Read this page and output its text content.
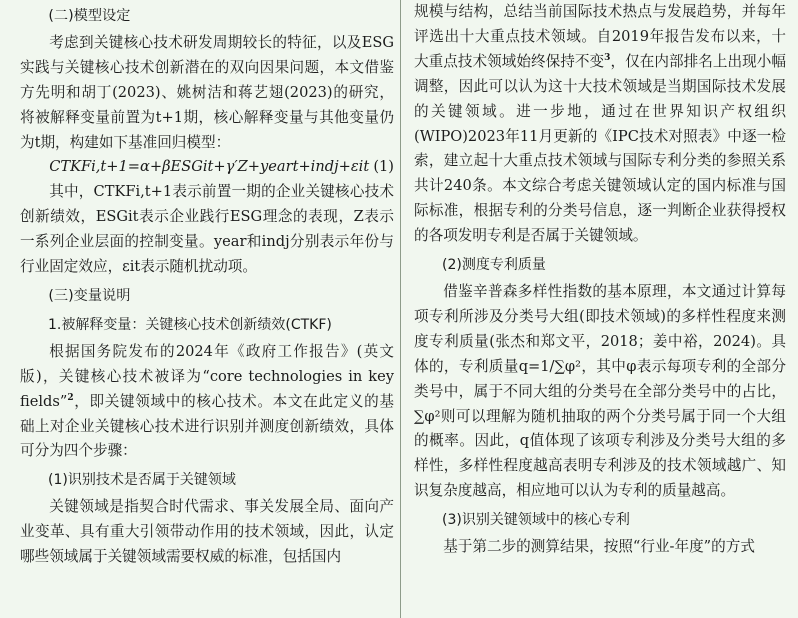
(二)模型设定

考虑到关键核心技术研发周期较长的特征，以及ESG实践与关键核心技术创新潜在的双向因果问题，本文借鉴方先明和胡丁(2023)、姚树洁和蒋艺翅(2023)的研究，将被解释变量前置为t+1期，核心解释变量与其他变量仍为t期，构建如下基准回归模型：

CTKFi,t+1=α+βESGit+γ′Z+yeart+indj+εit (1)

其中，CTKFi,t+1表示前置一期的企业关键核心技术创新绩效，ESGit表示企业践行ESG理念的表现，Z表示一系列企业层面的控制变量。year和indj分别表示年份与行业固定效应，εit表示随机扰动项。

(三)变量说明

1.被解释变量：关键核心技术创新绩效(CTKF)

根据国务院发布的2024年《政府工作报告》(英文版)，关键核心技术被译为“core technologies in key fields”$^2$，即关键领域中的核心技术。本文在此定义的基础上对企业关键核心技术进行识别并测度创新绩效，具体可分为四个步骤：

(1)识别技术是否属于关键领域

关键领域是指契合时代需求、事关发展全局、面向产业变革、具有重大引领带动作用的技术领域，因此，认定哪些领域属于关键领域需要权威的标准，包括国内

规模与结构，总结当前国际技术热点与发展趋势，并每年评选出十大重点技术领域。自2019年报告发布以来，十大重点技术领域始终保持不变$^3$，仅在内部排名上出现小幅调整，因此可以认为这十大技术领域是当期国际技术发展的关键领域。进一步地，通过在世界知识产权组织(WIPO)2023年11月更新的《IPC技术对照表》中逐一检索，建立起十大重点技术领域与国际专利分类的参照关系共计240条。本文综合考虑关键领域认定的国内标准与国际标准，根据专利的分类号信息，逐一判断企业获得授权的各项发明专利是否属于关键领域。

(2)测度专利质量

借鉴辛普森多样性指数的基本原理，本文通过计算每项专利所涉及分类号大组(即技术领域)的多样性程度来测度专利质量(张杰和郑文平，2018；姜中裕，2024)。具体的，专利质量q=1/∑φ²，其中φ表示每项专利的全部分类号中，属于不同大组的分类号在全部分类号中的占比，∑φ²则可以理解为随机抽取的两个分类号属于同一个大组的概率。因此，q值体现了该项专利涉及分类号大组的多样性，多样性程度越高表明专利涉及的技术领域越广、知识复杂度越高，相应地可以认为专利的质量越高。

(3)识别关键领域中的核心专利

基于第二步的测算结果，按照“行业-年度”的方式
